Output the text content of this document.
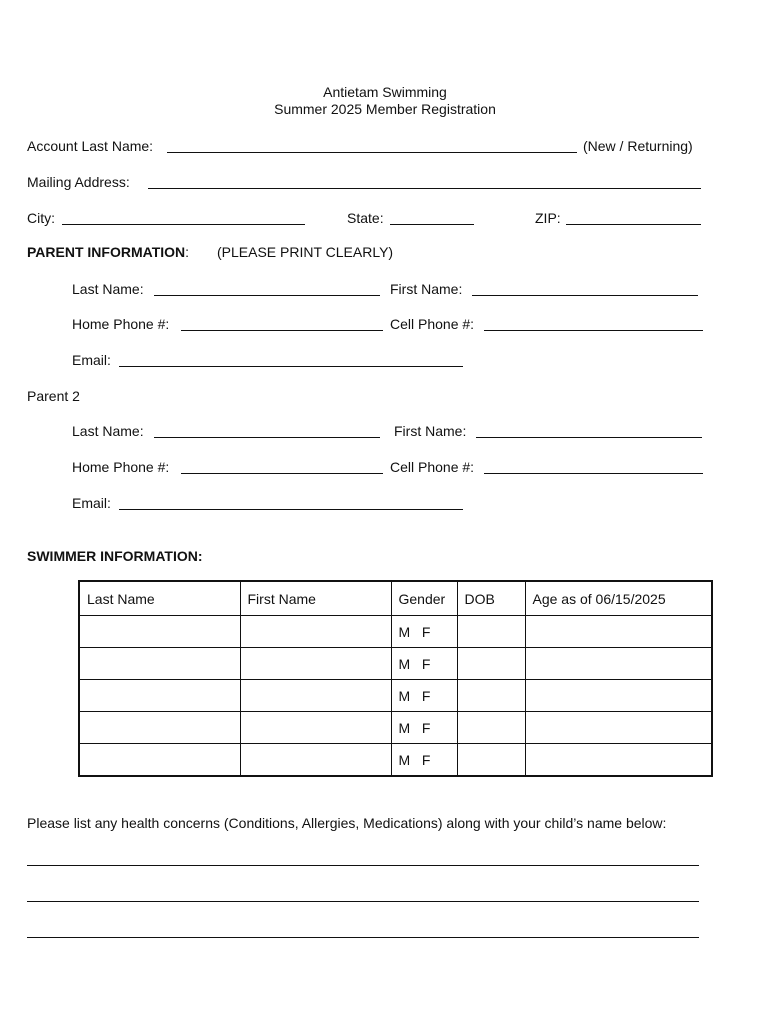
Antietam Swimming
Summer 2025 Member Registration
Account Last Name:	(New / Returning)
Mailing Address:
City:	State:	ZIP:
PARENT INFORMATION: (PLEASE PRINT CLEARLY)
Last Name:	First Name:
Home Phone #:	Cell Phone #:
Email:
Parent 2
Last Name:	First Name:
Home Phone #:	Cell Phone #:
Email:
SWIMMER INFORMATION:
Last Name	First Name	Gender	DOB	Age as of 06/15/2025
		M   F		
		M   F		
		M   F		
		M   F		
		M   F		
Please list any health concerns (Conditions, Allergies, Medications) along with your child’s name below:
